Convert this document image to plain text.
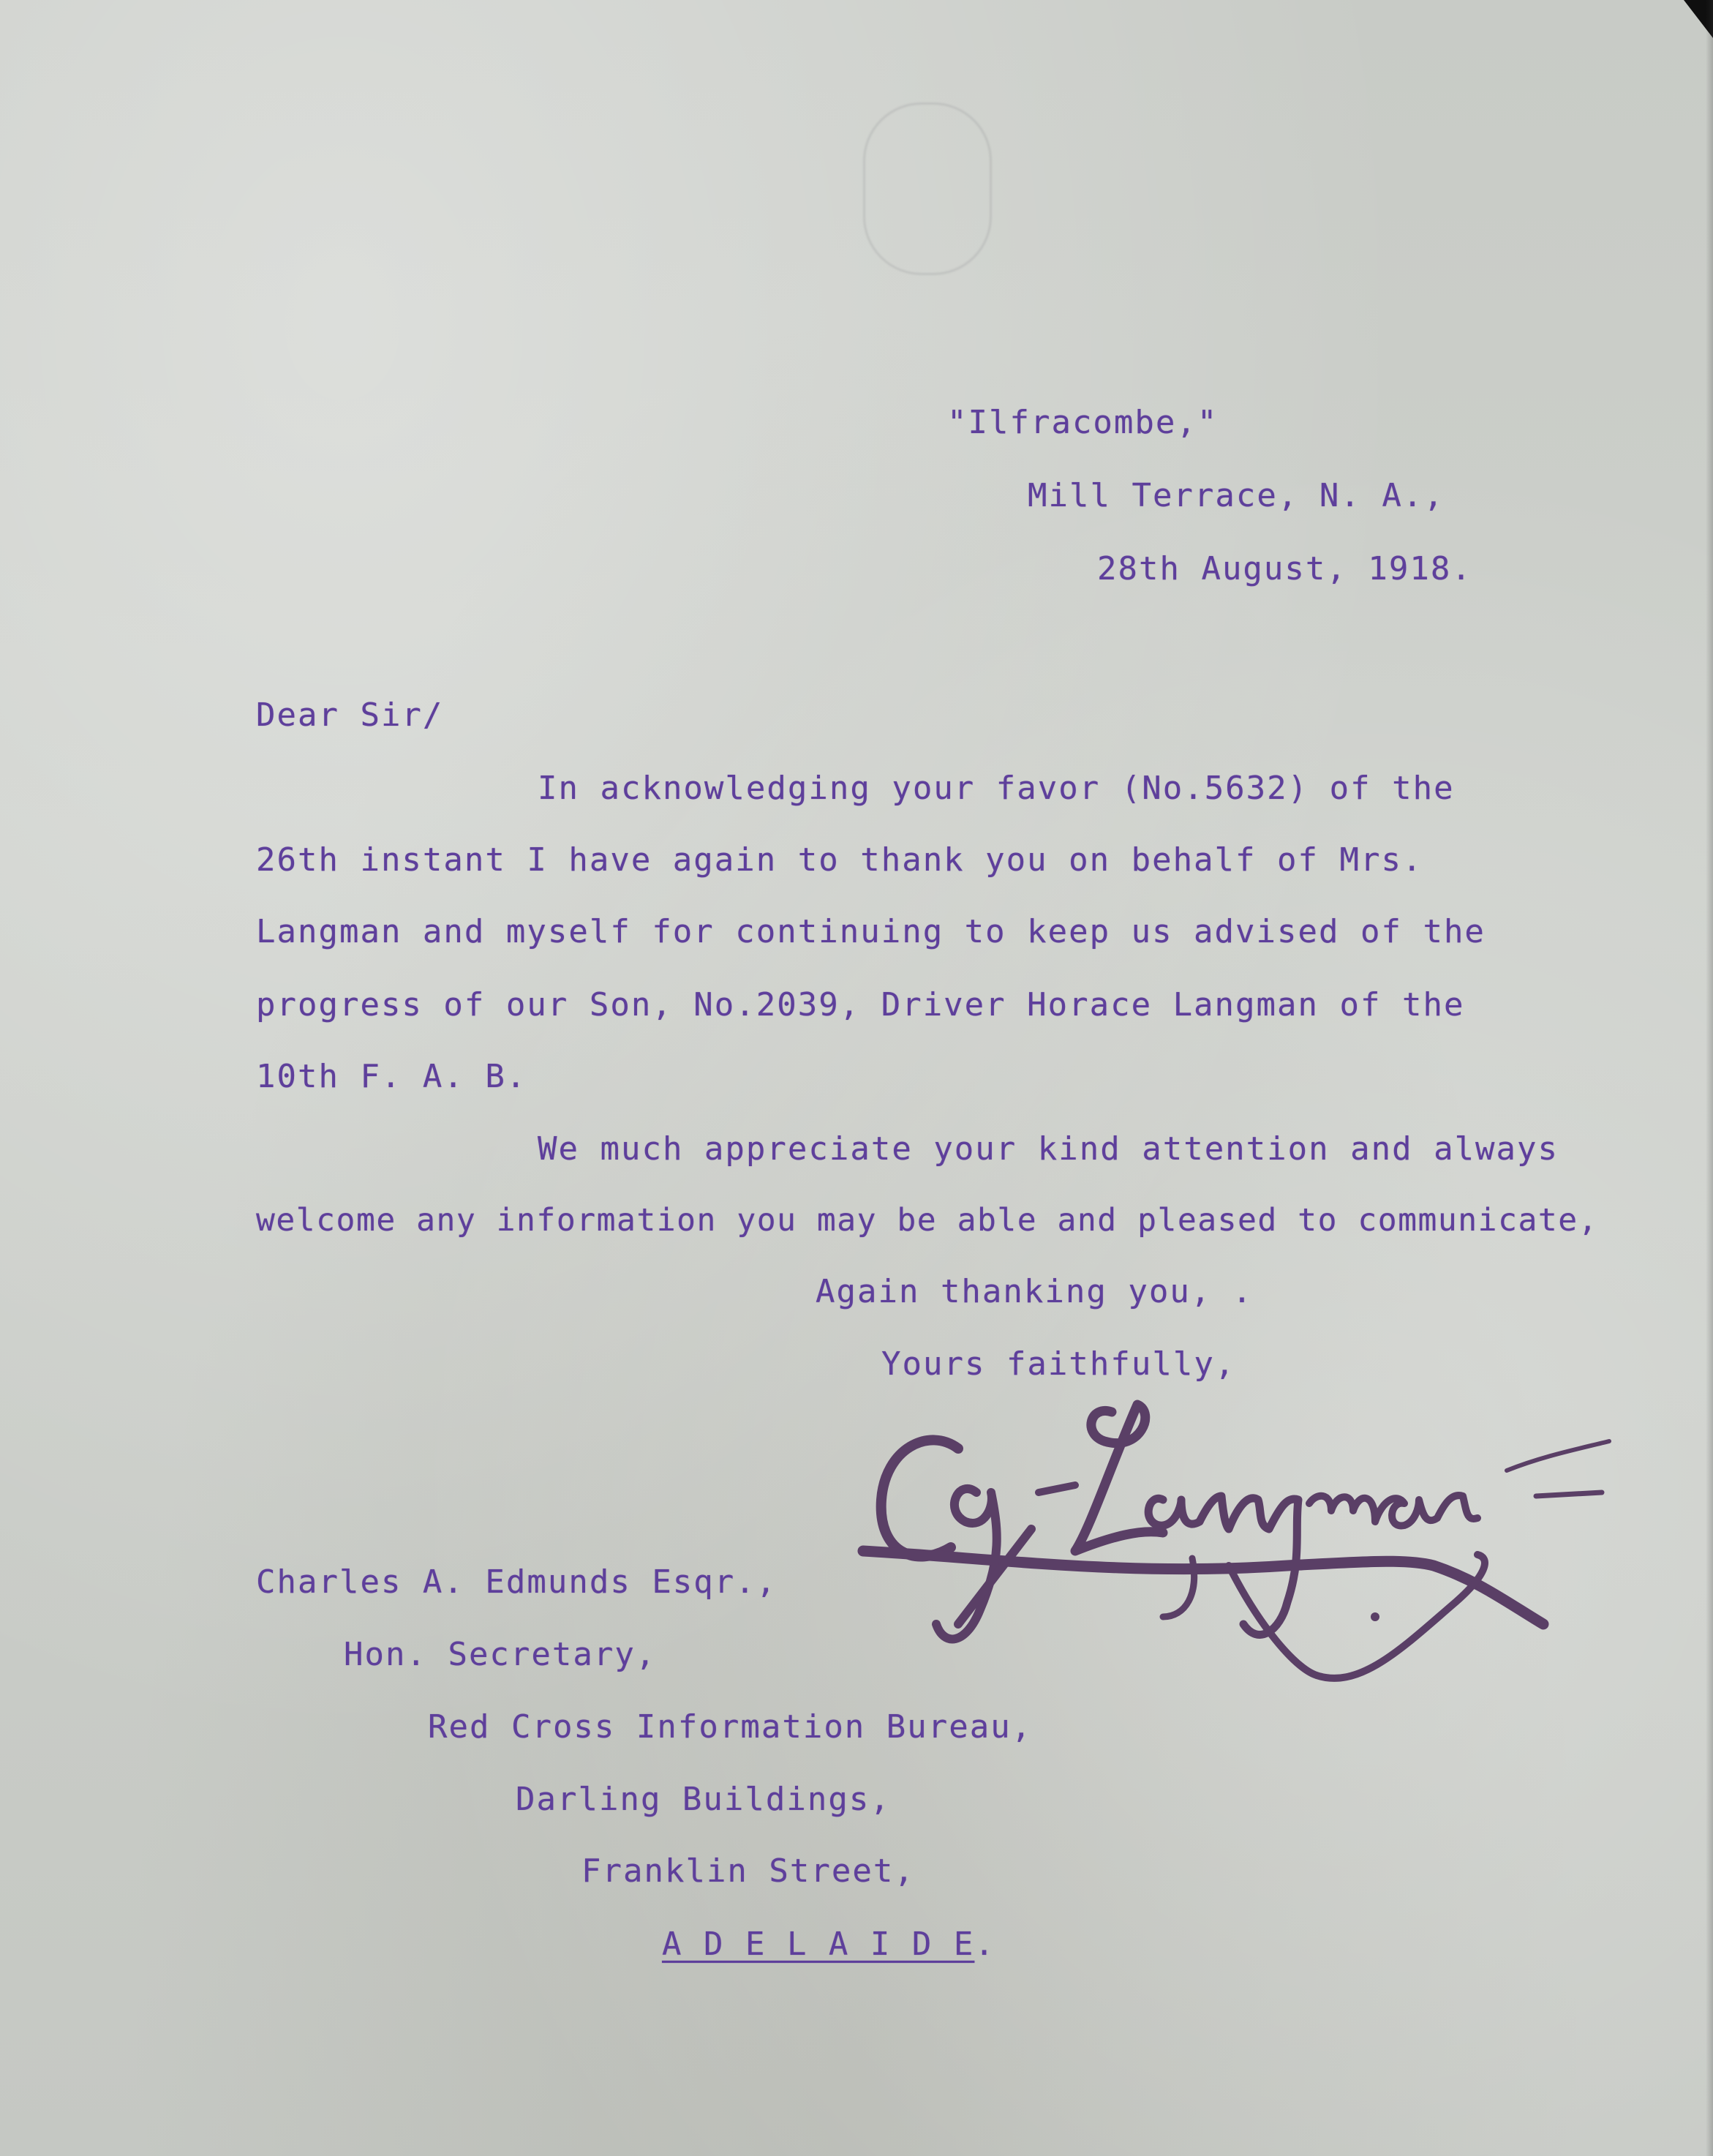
"Ilfracombe,"
Mill Terrace, N. A.,
28th August, 1918.
Dear Sir/
In acknowledging your favor (No.5632) of the
26th instant I have again to thank you on behalf of Mrs.
Langman and myself for continuing to keep us advised of the
progress of our Son, No.2039, Driver Horace Langman of the
10th F. A. B.
We much appreciate your kind attention and always
welcome any information you may be able and pleased to communicate,
Again thanking you, .
Yours faithfully,
Charles A. Edmunds Esqr.,
Hon. Secretary,
Red Cross Information Bureau,
Darling Buildings,
Franklin Street,
A D E L A I D E.
